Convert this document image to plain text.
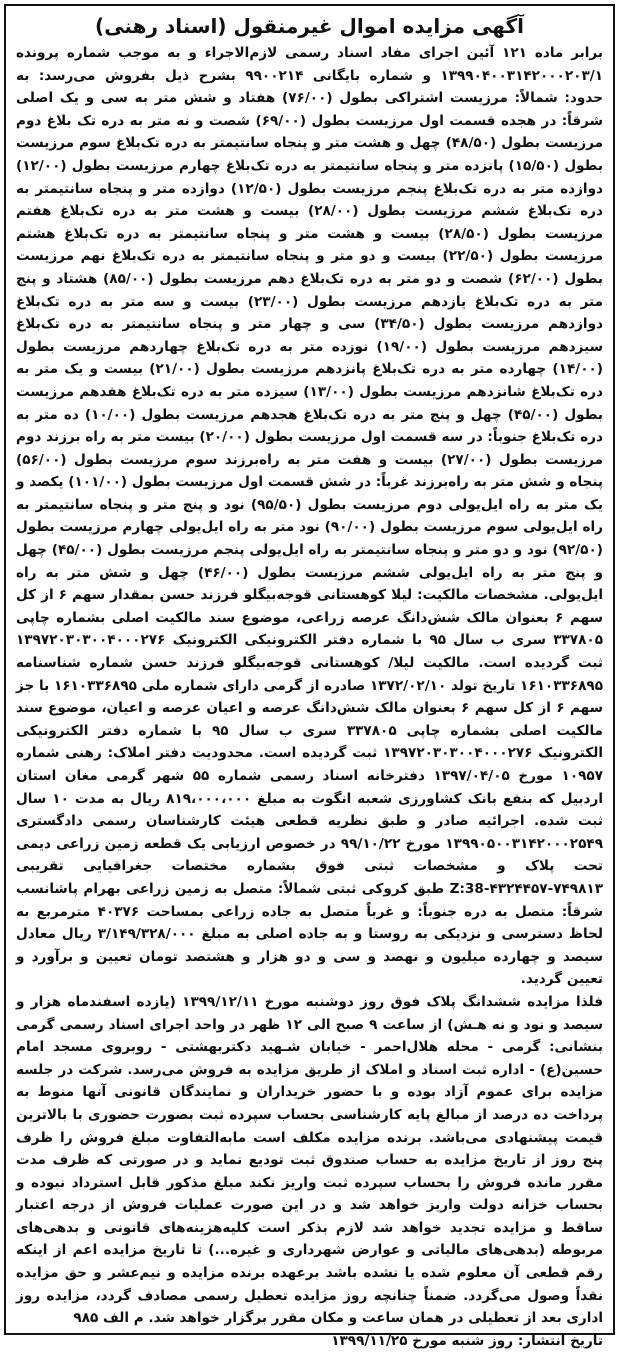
آگهی مزایده اموال غیرمنقول (اسناد رهنی)

برابر ماده ۱۲۱ آئین اجرای مفاد اسناد رسمی لازم‌الاجراء و به موجب شماره پرونده ۱۳۹۹۰۴۰۰۳۱۴۲۰۰۰۲۰۳/۱ و شماره بایگانی ۹۹۰۰۲۱۴ بشرح ذیل بفروش می‌رسد: به حدود: شمالاً: مرزیست اشتراکی بطول (۷۶/۰۰) هفتاد و شش متر به سی و یک اصلی شرقاً: در هجده قسمت اول مرزیست بطول (۶۹/۰۰) شصت و نه متر به دره تک بلاغ دوم مرزیست بطول (۴۸/۵۰) چهل و هشت متر و پنجاه سانتیمتر به دره تک‌بلاغ سوم مرزیست بطول (۱۵/۵۰) پانزده متر و پنجاه سانتیمتر به دره تک‌بلاغ چهارم مرزیست بطول (۱۲/۰۰) دوازده متر به دره تک‌بلاغ پنجم مرزیست بطول (۱۲/۵۰) دوازده متر و پنجاه سانتیمتر به دره تک‌بلاغ ششم مرزیست بطول (۲۸/۰۰) بیست و هشت متر به دره تک‌بلاغ هفتم مرزیست بطول (۲۸/۵۰) بیست و هشت متر و پنجاه سانتیمتر به دره تک‌بلاغ هشتم مرزیست بطول (۲۲/۵۰) بیست و دو متر و پنجاه سانتیمتر به دره تک‌بلاغ نهم مرزیست بطول (۶۲/۰۰) شصت و دو متر به دره تک‌بلاغ دهم مرزیست بطول (۸۵/۰۰) هشتاد و پنج متر به دره تک‌بلاغ یازدهم مرزیست بطول (۲۳/۰۰) بیست و سه متر به دره تک‌بلاغ دوازدهم مرزیست بطول (۳۴/۵۰) سی و چهار متر و پنجاه سانتیمتر به دره تک‌بلاغ سیزدهم مرزیست بطول (۱۹/۰۰) نوزده متر به دره تک‌بلاغ چهاردهم مرزیست بطول (۱۴/۰۰) چهارده متر به دره تک‌بلاغ پانزدهم مرزیست بطول (۲۱/۰۰) بیست و یک متر به دره تک‌بلاغ شانزدهم مرزیست بطول (۱۳/۰۰) سیزده متر به دره تک‌بلاغ هفدهم مرزیست بطول (۴۵/۰۰) چهل و پنج متر به دره تک‌بلاغ هجدهم مرزیست بطول (۱۰/۰۰) ده متر به دره تک‌بلاغ جنوباً: در سه قسمت اول مرزیست بطول (۲۰/۰۰) بیست متر به راه برزند دوم مرزیست بطول (۲۷/۰۰) بیست و هفت متر به راه‌برزند سوم مرزیست بطول (۵۶/۰۰) پنجاه و شش متر به راه‌برزند غرباً: در شش قسمت اول مرزیست بطول (۱۰۱/۰۰) یکصد و یک متر به راه ایل‌یولی دوم مرزیست بطول (۹۵/۵۰) نود و پنج متر و پنجاه سانتیمتر به راه ایل‌یولی سوم مرزیست بطول (۹۰/۰۰) نود متر به راه ایل‌یولی چهارم مرزیست بطول (۹۲/۵۰) نود و دو متر و پنجاه سانتیمتر به راه ایل‌یولی پنجم مرزیست بطول (۴۵/۰۰) چهل و پنج متر به راه ایل‌یولی ششم مرزیست بطول (۴۶/۰۰) چهل و شش متر به راه ایل‌یولی. مشخصات مالکیت: لیلا کوهستانی قوجه‌بیگلو فرزند حسن بمقدار سهم ۶ از کل سهم ۶ بعنوان مالک شش‌دانگ عرصه زراعی، موضوع سند مالکیت اصلی بشماره چاپی ۳۳۷۸۰۵ سری ب سال ۹۵ با شماره دفتر الکترونیکی الکترونیک ۱۳۹۷۲۰۳۰۳۰۰۴۰۰۰۲۷۶ ثبت گردیده است. مالکیت لیلا/ کوهستانی قوجه‌بیگلو فرزند حسن شماره شناسنامه ۱۶۱۰۳۳۶۸۹۵ تاریخ تولد ۱۳۷۲/۰۲/۱۰ صادره از گرمی دارای شماره ملی ۱۶۱۰۳۳۶۸۹۵ با جز سهم ۶ از کل سهم ۶ بعنوان مالک شش‌دانگ عرصه و اعیان عرصه و اعیان، موضوع سند مالکیت اصلی بشماره چاپی ۳۳۷۸۰۵ سری ب سال ۹۵ با شماره دفتر الکترونیکی الکترونیک ۱۳۹۷۲۰۳۰۳۰۰۴۰۰۰۲۷۶ ثبت گردیده است. محدودیت دفتر املاک: رهنی شماره ۱۰۹۵۷ مورخ ۱۳۹۷/۰۴/۰۵ دفترخانه اسناد رسمی شماره ۵۵ شهر گرمی مغان استان اردبیل که بنفع بانک کشاورزی شعبه انگوت به مبلغ ۸۱۹،۰۰۰،۰۰۰ ریال به مدت ۱۰ سال ثبت شده. اجرائیه صادر و طبق نظریه قطعی هیئت کارشناسان رسمی دادگستری ۱۳۹۹۰۵۰۰۳۱۴۲۰۰۰۲۵۴۹ مورخ ۹۹/۱۰/۲۲ در خصوص ارزیابی یک قطعه زمین زراعی دیمی تحت پلاک و مشخصات ثبتی فوق بشماره مختصات جغرافیایی تقریبی Z:38-۴۳۲۴۴۵۷-۷۴۹۸۱۳ طبق کروکی ثبتی شمالاً: متصل به زمین زراعی بهرام پاشانسب شرقاً: متصل به دره جنوباً: و غرباً متصل به جاده زراعی بمساحت ۴۰۳۷۶ مترمربع به لحاظ دسترسی و نزدیکی به روستا و به جاده اصلی به مبلغ ۳/۱۴۹/۳۲۸/۰۰۰ ریال معادل سیصد و چهارده میلیون و نهصد و سی و دو هزار و هشتصد تومان تعیین و برآورد و تعیین گردید.

فلذا مزایده ششدانگ پلاک فوق روز دوشنبه مورخ ۱۳۹۹/۱۲/۱۱ (یازده اسفندماه هزار و سیصد و نود و نه هـش) از ساعت ۹ صبح الی ۱۲ ظهر در واحد اجرای اسناد رسمی گرمی بنشانی: گرمی - محله هلال‌احمر - خیابان شـهید دکتربهشتی - روبروی مسجد امام حسین(ع) - اداره ثبت اسناد و املاک از طریق مزایده به فروش می‌رسد. شرکت در جلسه مزایده برای عموم آزاد بوده و با حضور خریداران و نمایندگان قانونی آنها منوط به پرداخت ده درصد از مبالغ پایه کارشناسی بحساب سپرده ثبت بصورت حضوری با بالاترین قیمت پیشنهادی می‌باشد. برنده مزایده مکلف است مابه‌التفاوت مبلغ فروش را ظرف پنج روز از تاریخ مزایده به حساب صندوق ثبت تودیع نماید و در صورتی که ظرف مدت مقرر مانده فروش را بحساب سپرده ثبت واریز نکند مبلغ مذکور قابل استرداد نبوده و بحساب خزانه دولت واریز خواهد شد و در این صورت عملیات فروش از درجه اعتبار ساقط و مزایده تجدید خواهد شد لازم بذکر است کلیه‌هزینه‌های قانونی و بدهی‌های مربوطه (بدهی‌های مالیاتی و عوارض شهرداری و غیره...) تا تاریخ مزایده اعم از اینکه رقم قطعی آن معلوم شده یا نشده باشد برعهده برنده مزایده و نیم‌عشر و حق مزایده نقداً وصول می‌گردد. ضمناً چنانچه روز مزایده تعطیل رسمی مصادف گردد، مزایده روز اداری بعد از تعطیلی در همان ساعت و مکان مقرر برگزار خواهد شد. م الف ۹۸۵

تاریخ انتشار: روز شنبه مورخ ۱۳۹۹/۱۱/۲۵
